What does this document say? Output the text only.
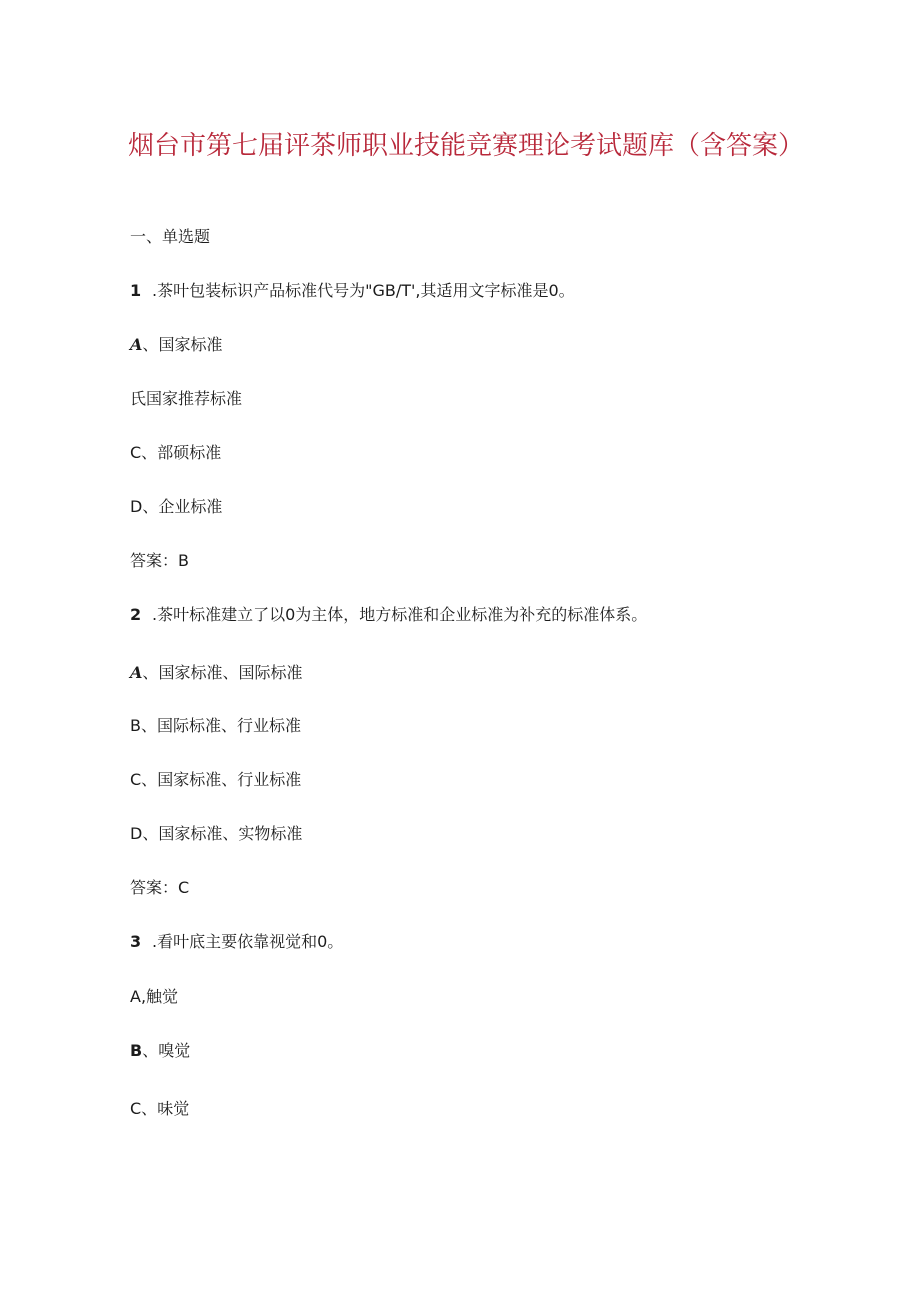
烟台市第七届评茶师职业技能竞赛理论考试题库（含答案）
一、单选题
1 .茶叶包装标识产品标准代号为"GB/T',其适用文字标准是0。
A、国家标准
氏国家推荐标准
C、部硕标准
D、企业标准
答案：B
2 .茶叶标准建立了以0为主体，地方标准和企业标准为补充的标准体系。
A、国家标准、国际标准
B、国际标准、行业标准
C、国家标准、行业标准
D、国家标准、实物标准
答案：C
3 .看叶底主要依靠视觉和0。
A,触觉
B、嗅觉
C、味觉
